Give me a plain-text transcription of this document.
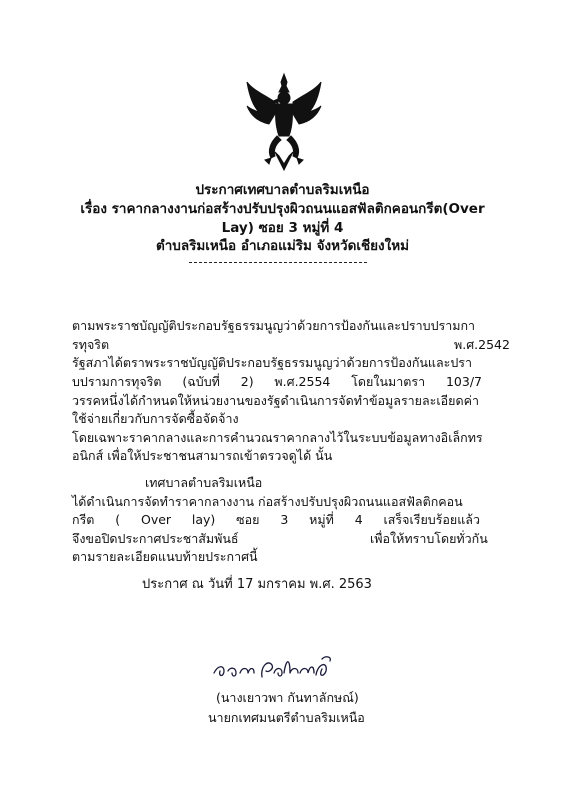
ประกาศเทศบาลตำบลริมเหนือ
เรื่อง ราคากลางงานก่อสร้างปรับปรุงผิวถนนแอสฟัลติกคอนกรีต(Over
Lay) ซอย 3 หมู่ที่ 4
ตำบลริมเหนือ อำเภอแม่ริม จังหวัดเชียงใหม่
ตามพระราชบัญญัติประกอบรัฐธรรมนูญว่าด้วยการป้องกันและปราบปรามกา
รทุจริต	พ.ศ.2542
รัฐสภาได้ตราพระราชบัญญัติประกอบรัฐธรรมนูญว่าด้วยการป้องกันและปรา
บปรามการทุจริต (ฉบับที่ 2) พ.ศ.2554 โดยในมาตรา 103/7
วรรคหนึ่งได้กำหนดให้หน่วยงานของรัฐดำเนินการจัดทำข้อมูลรายละเอียดค่า
ใช้จ่ายเกี่ยวกับการจัดซื้อจัดจ้าง
โดยเฉพาะราคากลางและการคำนวณราคากลางไว้ในระบบข้อมูลทางอิเล็กทร
อนิกส์ เพื่อให้ประชาชนสามารถเข้าตรวจดูได้ นั้น
เทศบาลตำบลริมเหนือ
ได้ดำเนินการจัดทำราคากลางงาน ก่อสร้างปรับปรุงผิวถนนแอสฟัลติกคอน
กรีต ( Over lay) ซอย 3 หมู่ที่ 4 เสร็จเรียบร้อยแล้ว
จึงขอปิดประกาศประชาสัมพันธ์	เพื่อให้ทราบโดยทั่วกัน
ตามรายละเอียดแนบท้ายประกาศนี้
ประกาศ ณ วันที่ 17 มกราคม พ.ศ. 2563
(นางเยาวพา กันทาลักษณ์)
นายกเทศมนตรีตำบลริมเหนือ
